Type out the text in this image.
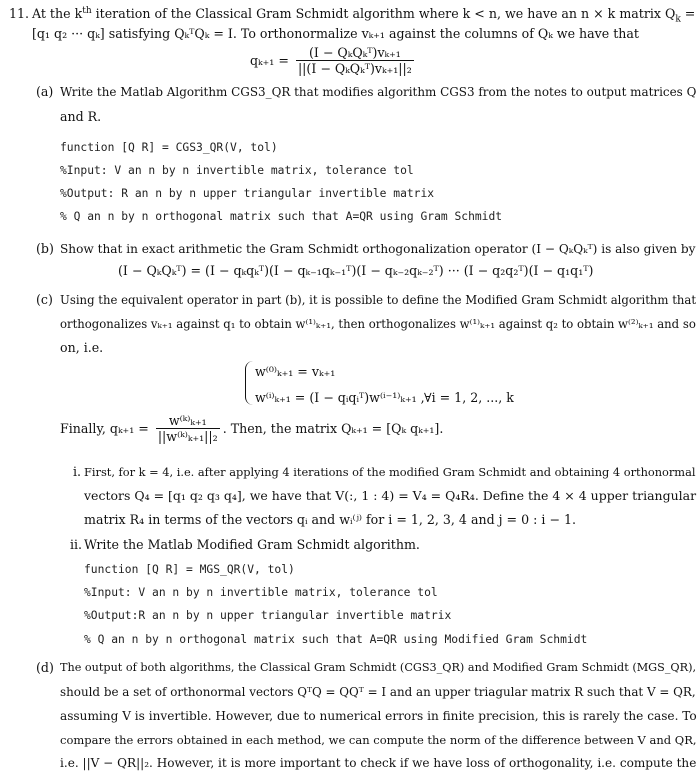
11. At the $k^{th}$ iteration of the Classical Gram Schmidt algorithm where k < n, we have an n × k matrix $Q_k$ =
[q₁ q₂ ··· qₖ] satisfying QₖᵀQₖ = I. To orthonormalize vₖ₊₁ against the columns of Qₖ we have that
$q_{k+1} = \frac{\text{(I − QₖQₖᵀ)vₖ₊₁}}{\text{||(I − QₖQₖᵀ)vₖ₊₁||₂}}$
(a) Write the Matlab Algorithm CGS3_QR that modifies algorithm CGS3 from the notes to output matrices Q
and R.
function [Q R] = CGS3_QR(V, tol)
%Input: V an n by n invertible matrix, tolerance tol
%Output: R an n by n upper triangular invertible matrix
% Q an n by n orthogonal matrix such that A=QR using Gram Schmidt
(b) Show that in exact arithmetic the Gram Schmidt orthogonalization operator (I − QₖQₖᵀ) is also given by
(I − QₖQₖᵀ) = (I − qₖqₖᵀ)(I − qₖ₋₁qₖ₋₁ᵀ)(I − qₖ₋₂qₖ₋₂ᵀ) ··· (I − q₂q₂ᵀ)(I − q₁q₁ᵀ)
(c) Using the equivalent operator in part (b), it is possible to define the Modified Gram Schmidt algorithm that
orthogonalizes vₖ₊₁ against q₁ to obtain w⁽¹⁾ₖ₊₁, then orthogonalizes w⁽¹⁾ₖ₊₁ against q₂ to obtain w⁽²⁾ₖ₊₁ and so
on, i.e.
w⁽⁰⁾ₖ₊₁ = vₖ₊₁
w⁽ⁱ⁾ₖ₊₁ = (I − qᵢqᵢᵀ)w⁽ⁱ⁻¹⁾ₖ₊₁ , ∀i = 1, 2, ..., k
Finally, $q_{k+1} = \frac{\text{w⁽ᵏ⁾ₖ₊₁}}{\text{||w⁽ᵏ⁾ₖ₊₁||₂}}$ . Then, the matrix Qₖ₊₁ = [Qₖ qₖ₊₁].
i. First, for k = 4, i.e. after applying 4 iterations of the modified Gram Schmidt and obtaining 4 orthonormal
vectors Q₄ = [q₁ q₂ q₃ q₄], we have that V(:, 1 : 4) = V₄ = Q₄R₄. Define the 4 × 4 upper triangular
matrix R₄ in terms of the vectors qᵢ and wᵢ⁽ʲ⁾ for i = 1, 2, 3, 4 and j = 0 : i − 1.
ii. Write the Matlab Modified Gram Schmidt algorithm.
function [Q R] = MGS_QR(V, tol)
%Input: V an n by n invertible matrix, tolerance tol
%Output:R an n by n upper triangular invertible matrix
% Q an n by n orthogonal matrix such that A=QR using Modified Gram Schmidt
(d) The output of both algorithms, the Classical Gram Schmidt (CGS3_QR) and Modified Gram Schmidt (MGS_QR),
should be a set of orthonormal vectors QᵀQ = QQᵀ = I and an upper triagular matrix R such that V = QR,
assuming V is invertible. However, due to numerical errors in finite precision, this is rarely the case. To
compare the errors obtained in each method, we can compute the norm of the difference between V and QR,
i.e. ||V − QR||₂. However, it is more important to check if we have loss of orthogonality, i.e. compute the
